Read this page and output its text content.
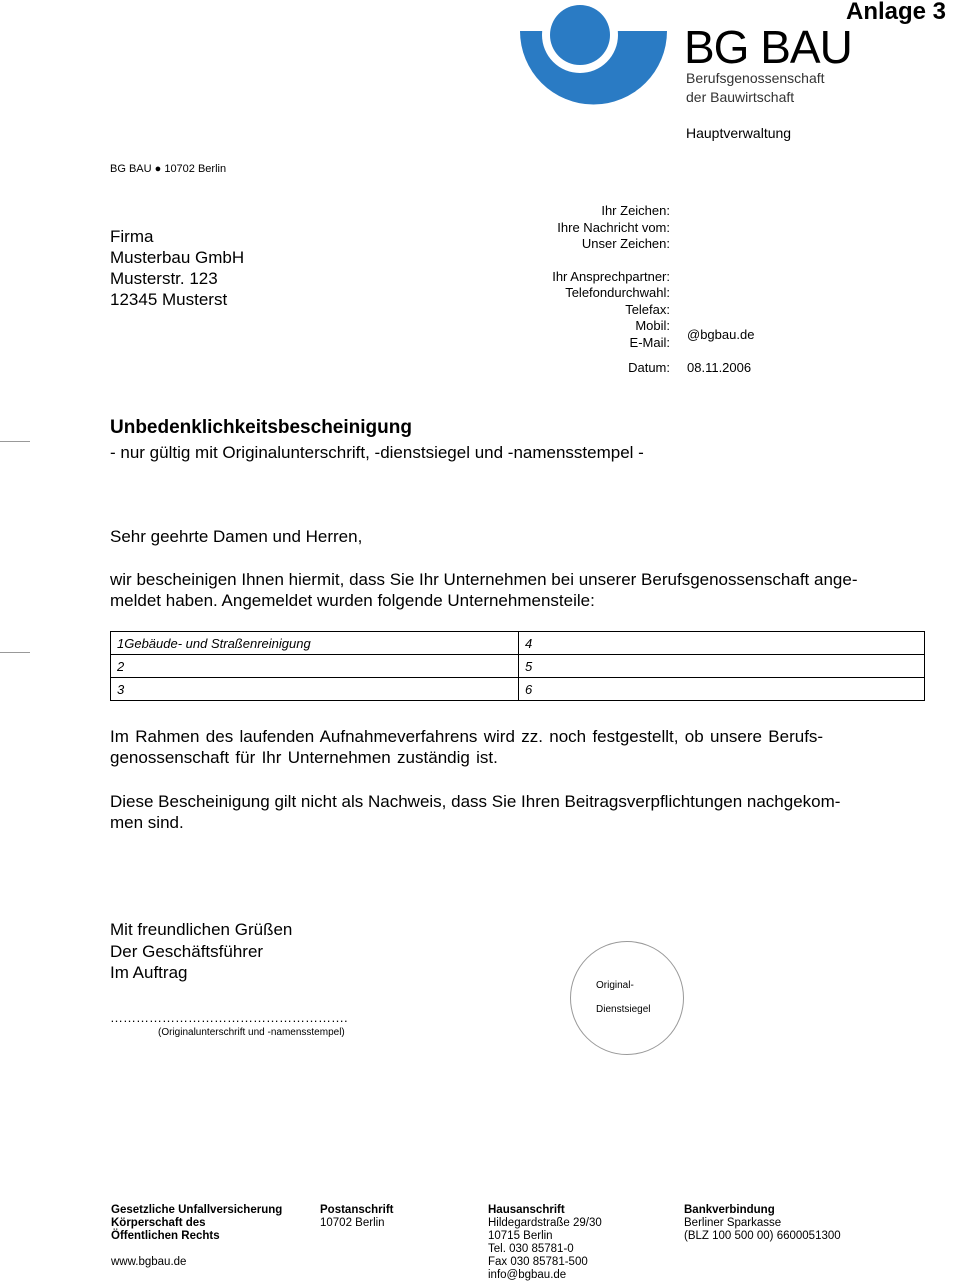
BG BAU
Berufsgenossenschaft
der Bauwirtschaft
Anlage 3
Hauptverwaltung
BG BAU ● 10702 Berlin
Firma
Musterbau GmbH
Musterstr. 123
12345 Musterst
Ihr Zeichen:
Ihre Nachricht vom:
Unser Zeichen:
Ihr Ansprechpartner:
Telefondurchwahl:
Telefax:
Mobil:
E-Mail: @bgbau.de
Datum: 08.11.2006
Unbedenklichkeitsbescheinigung
- nur gültig mit Originalunterschrift, -dienstsiegel und -namensstempel -
Sehr geehrte Damen und Herren,
wir bescheinigen Ihnen hiermit, dass Sie Ihr Unternehmen bei unserer Berufsgenossenschaft ange-
meldet haben. Angemeldet wurden folgende Unternehmensteile:
1Gebäude- und Straßenreinigung	4
2	5
3	6
Im Rahmen des laufenden Aufnahmeverfahrens wird zz. noch festgestellt, ob unsere Berufs-
genossenschaft für Ihr Unternehmen zuständig ist.
Diese Bescheinigung gilt nicht als Nachweis, dass Sie Ihren Beitragsverpflichtungen nachgekom-
men sind.
Mit freundlichen Grüßen
Der Geschäftsführer
Im Auftrag
……………………………………………….
(Originalunterschrift und -namensstempel)
Original-
Dienstsiegel
Gesetzliche Unfallversicherung
Körperschaft des
Öffentlichen Rechts
www.bgbau.de
Postanschrift
10702 Berlin
Hausanschrift
Hildegardstraße 29/30
10715 Berlin
Tel. 030 85781-0
Fax 030 85781-500
info@bgbau.de
Bankverbindung
Berliner Sparkasse
(BLZ 100 500 00) 6600051300
